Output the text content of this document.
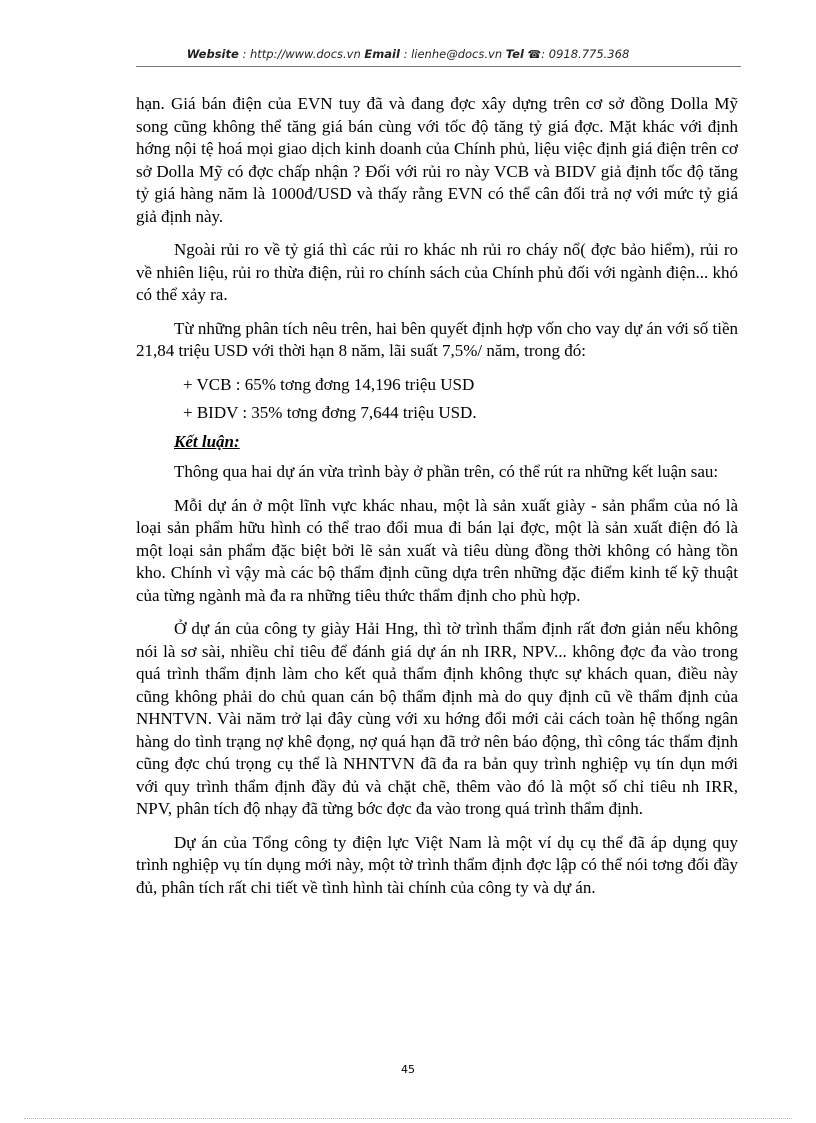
Website : http://www.docs.vn Email : lienhe@docs.vn Tel ☎: 0918.775.368

hạn. Giá bán điện của EVN tuy đã và đang đợc xây dựng trên cơ sở đồng Dolla Mỹ song cũng không thể tăng giá bán cùng với tốc độ tăng tỷ giá đợc. Mặt khác với định hớng nội tệ hoá mọi giao dịch kinh doanh của Chính phủ, liệu việc định giá điện trên cơ sở Dolla Mỹ có đợc chấp nhận ? Đối với rủi ro này VCB và BIDV giả định tốc độ tăng tỷ giá hàng năm là 1000đ/USD và thấy rằng EVN có thể cân đối trả nợ với mức tỷ giá giả định này.

Ngoài rủi ro về tỷ giá thì các rủi ro khác nh rủi ro cháy nổ( đợc bảo hiểm), rủi ro về nhiên liệu, rủi ro thừa điện, rủi ro chính sách của Chính phủ đối với ngành điện... khó có thể xảy ra.

Từ những phân tích nêu trên, hai bên quyết định hợp vốn cho vay dự án với số tiền 21,84 triệu USD với thời hạn 8 năm, lãi suất 7,5%/ năm, trong đó:

+ VCB : 65% tơng đơng 14,196 triệu USD

+ BIDV : 35% tơng đơng 7,644 triệu USD.

Kết luận:

Thông qua hai dự án vừa trình bày ở phần trên, có thể rút ra những kết luận sau:

Mỗi dự án ở một lĩnh vực khác nhau, một là sản xuất giày - sản phẩm của nó là loại sản phẩm hữu hình có thể trao đổi mua đi bán lại đợc, một là sản xuất điện đó là một loại sản phẩm đặc biệt bởi lẽ sản xuất và tiêu dùng đồng thời không có hàng tồn kho. Chính vì vậy mà các bộ thẩm định cũng dựa trên những đặc điểm kinh tế kỹ thuật của từng ngành mà đa ra những tiêu thức thẩm định cho phù hợp.

Ở dự án của công ty giày Hải Hng, thì tờ trình thẩm định rất đơn giản nếu không nói là sơ sài, nhiều chỉ tiêu để đánh giá dự án nh IRR, NPV... không đợc đa vào trong quá trình thẩm định làm cho kết quả thẩm định không thực sự khách quan, điều này cũng không phải do chủ quan cán bộ thẩm định mà do quy định cũ về thẩm định của NHNTVN. Vài năm trở lại đây cùng với xu hớng đổi mới cải cách toàn hệ thống ngân hàng do tình trạng nợ khê đọng, nợ quá hạn đã trở nên báo động, thì công tác thẩm định cũng đợc chú trọng cụ thể là NHNTVN đã đa ra bản quy trình nghiệp vụ tín dụn mới với quy trình thẩm định đầy đủ và chặt chẽ, thêm vào đó là một số chỉ tiêu nh IRR, NPV, phân tích độ nhạy đã từng bớc đợc đa vào trong quá trình thẩm định.

Dự án của Tổng công ty điện lực Việt Nam là một ví dụ cụ thể đã áp dụng quy trình nghiệp vụ tín dụng mới này, một tờ trình thẩm định đợc lập có thể nói tơng đối đầy đủ, phân tích rất chi tiết về tình hình tài chính của công ty và dự án.

45
